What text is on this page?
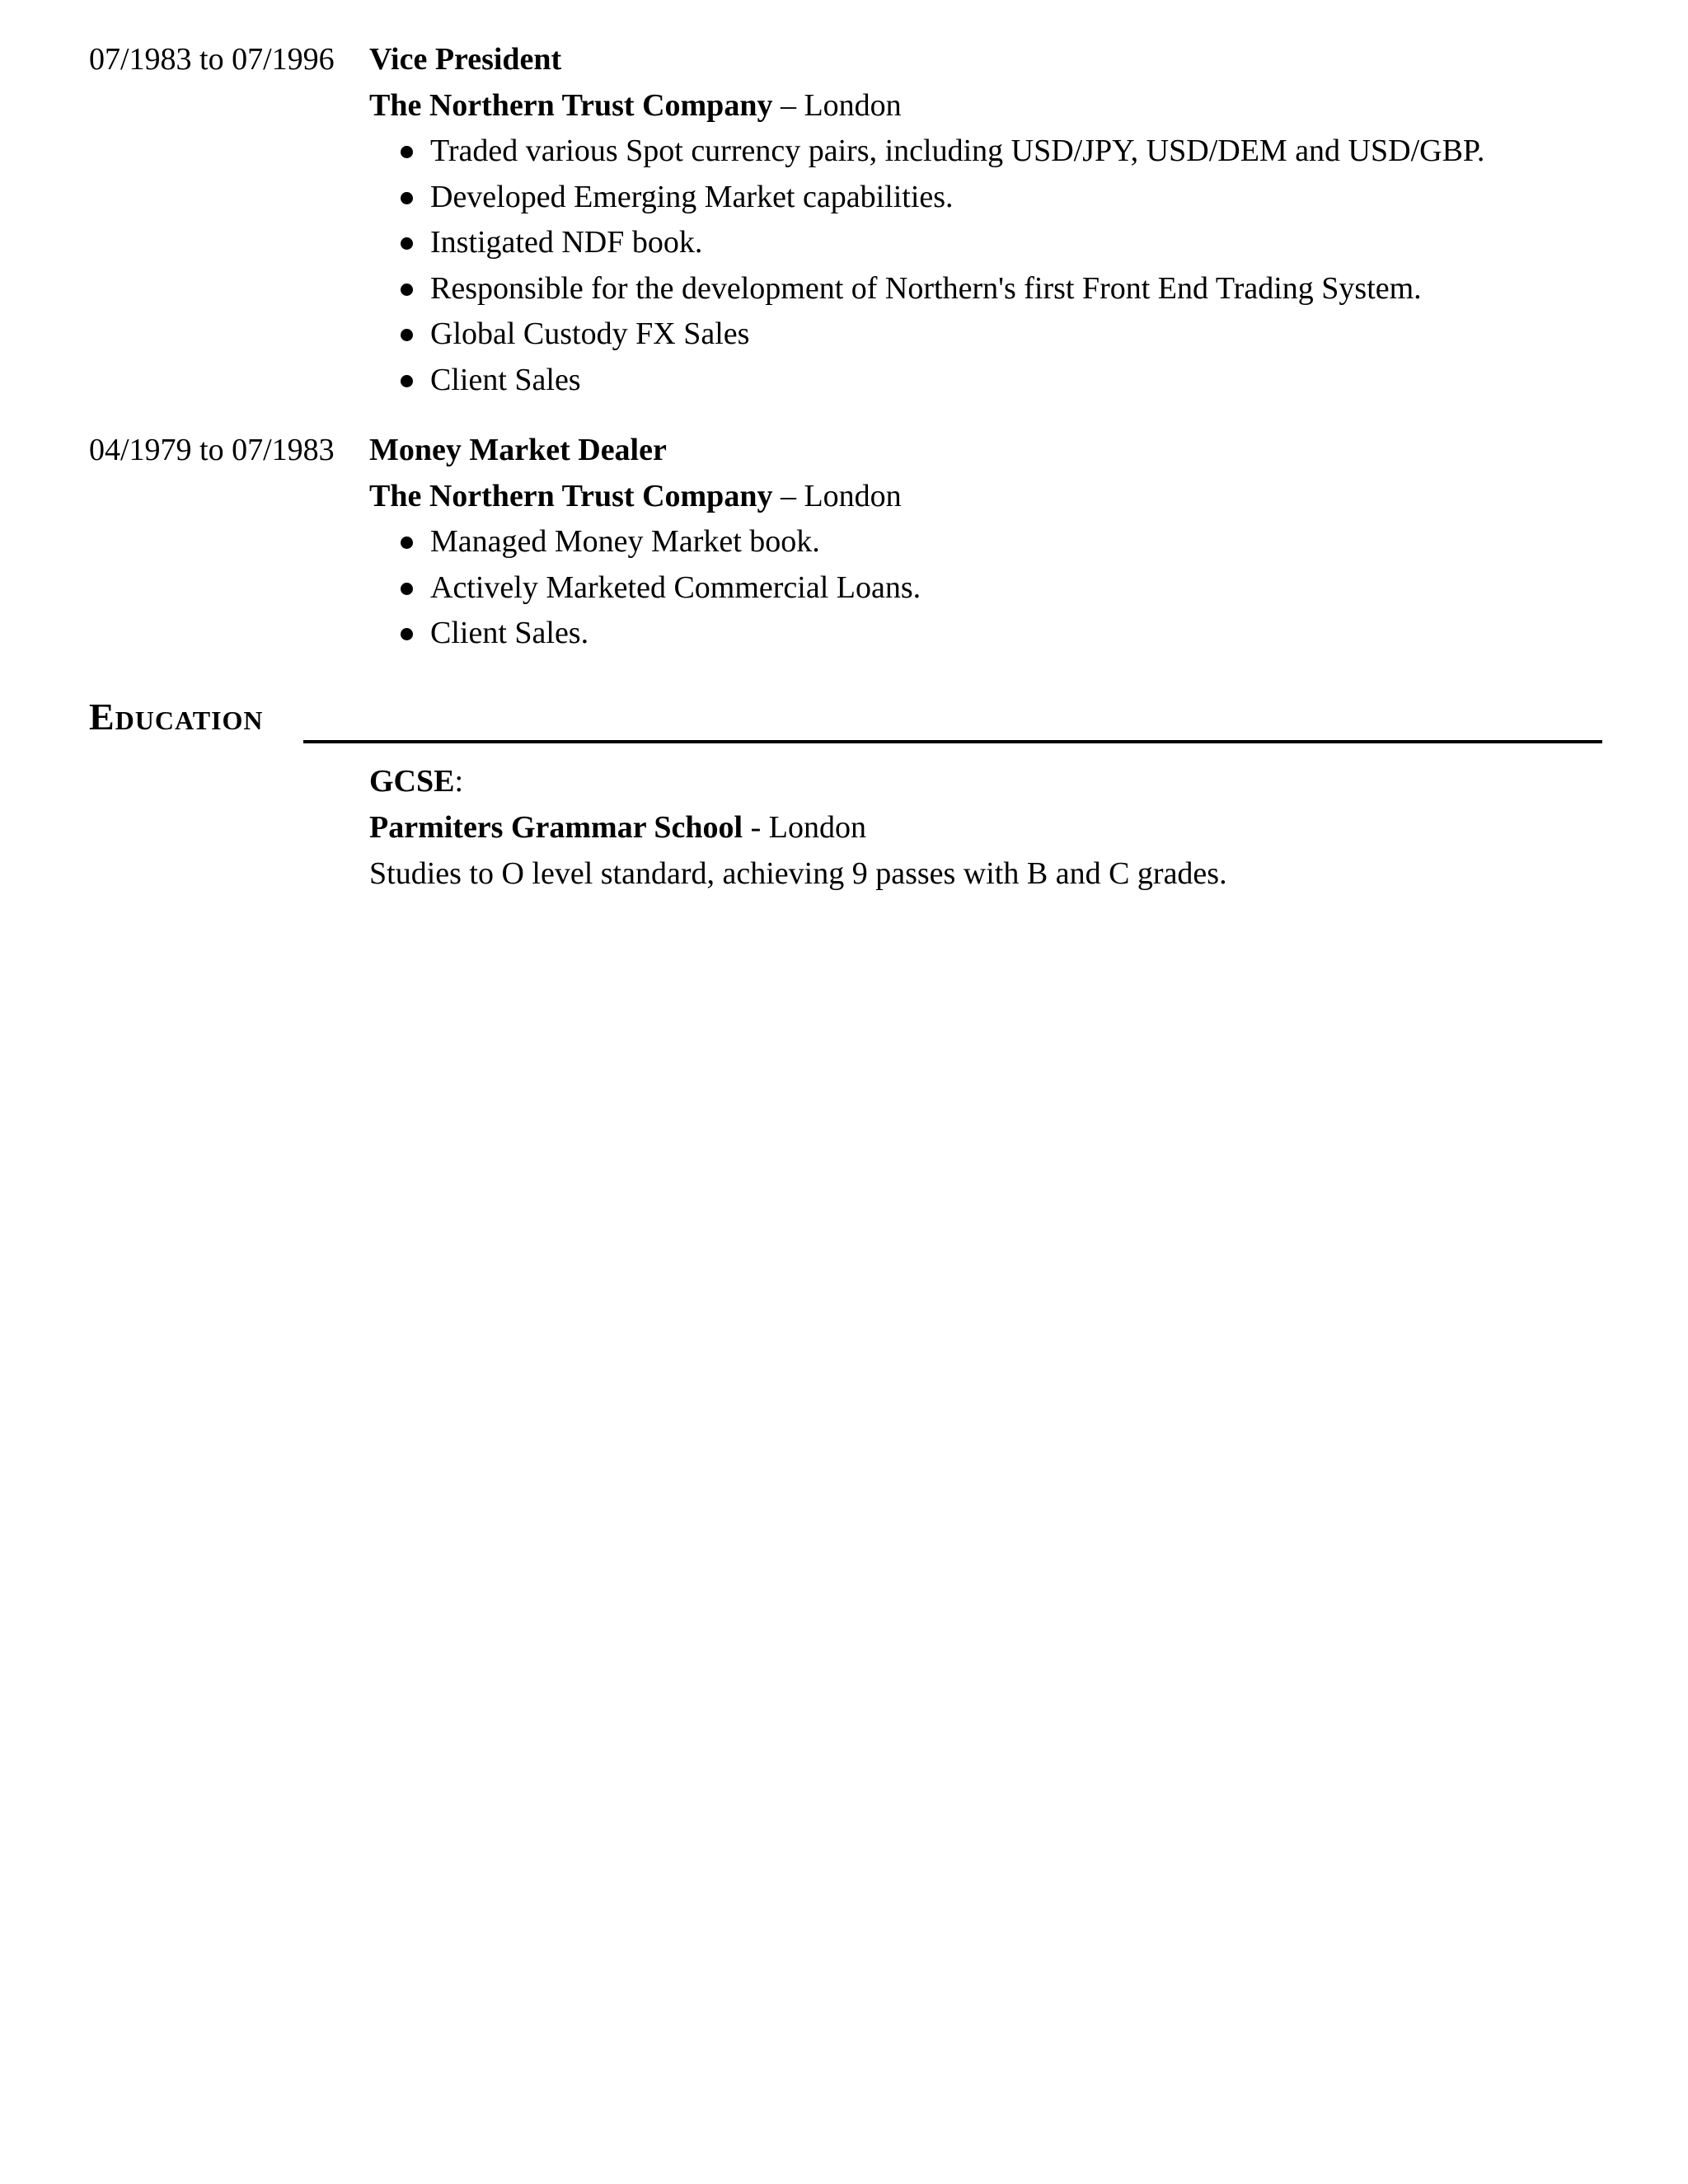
07/1983 to 07/1996 Vice President
The Northern Trust Company – London
Traded various Spot currency pairs, including USD/JPY, USD/DEM and USD/GBP.
Developed Emerging Market capabilities.
Instigated NDF book.
Responsible for the development of Northern's first Front End Trading System.
Global Custody FX Sales
Client Sales
04/1979 to 07/1983 Money Market Dealer
The Northern Trust Company – London
Managed Money Market book.
Actively Marketed Commercial Loans.
Client Sales.
Education
GCSE:
Parmiters Grammar School - London
Studies to O level standard, achieving 9 passes with B and C grades.
